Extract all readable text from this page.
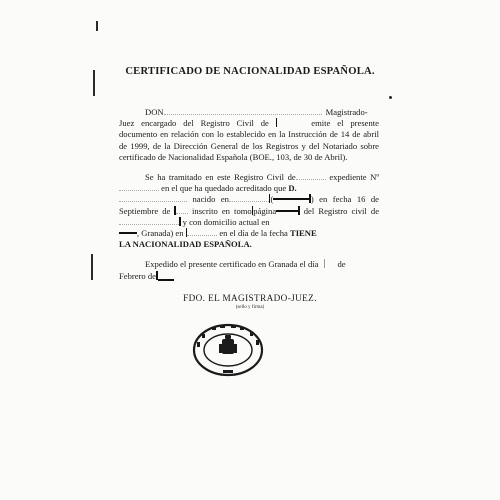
CERTIFICADO DE NACIONALIDAD ESPAÑOLA.
DON	Magistrado- Juez encargado del Registro Civil de	emite el presente documento en relación con lo establecido en la Instrucción de 14 de abril de 1999, de la Dirección General de los Registros y del Notariado sobre certificado de Nacionalidad Española (BOE., 103, de 30 de Abril).
Se ha tramitado en este Registro Civil de	expediente Nº en el que ha quedado acreditado que D.
nacido en	(	) en fecha 16 de Septiembre de	inscrito en tomo página	del Registro civil de y con domicilio actual en
, Granada) en	en el día de la fecha TIENE
LA NACIONALIDAD ESPAÑOLA.
Expedido el presente certificado en Granada el día de
Febrero de
FDO. EL MAGISTRADO-JUEZ.
(sello y firma)
